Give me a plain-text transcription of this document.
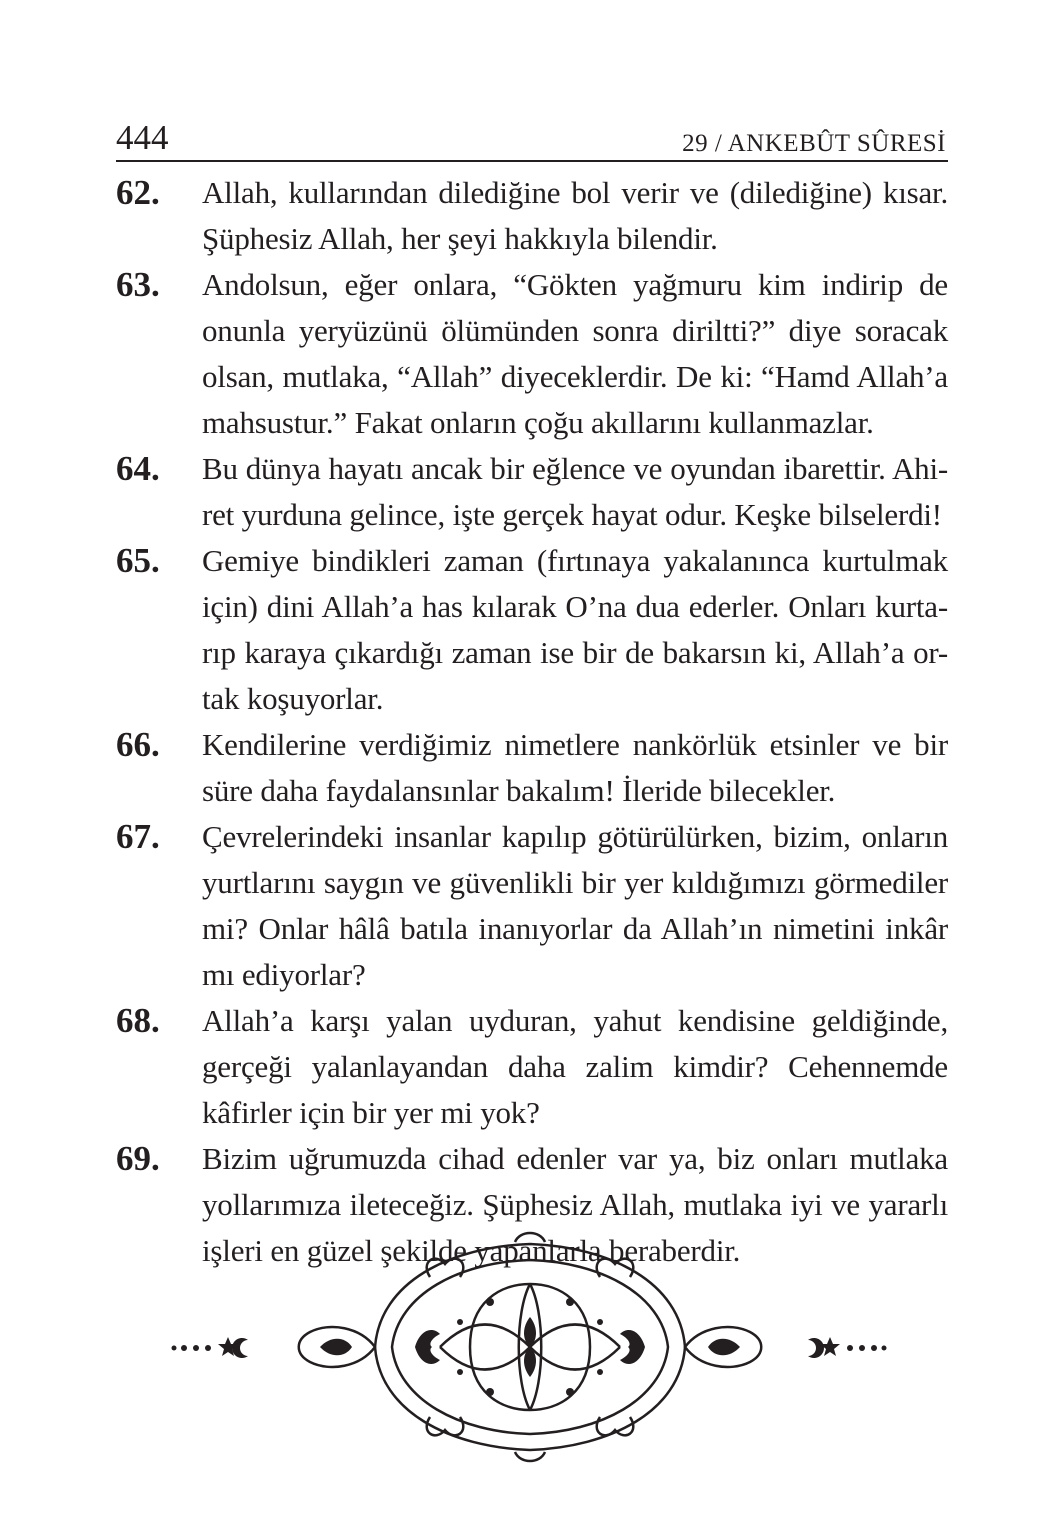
444	29 / ANKEBÛT SÛRESİ
62.	Allah, kullarından dilediğine bol verir ve (dilediğine) kısar.
Şüphesiz Allah, her şeyi hakkıyla bilendir.
63.	Andolsun, eğer onlara, “Gökten yağmuru kim indirip de
onunla yeryüzünü ölümünden sonra diriltti?” diye soracak
olsan, mutlaka, “Allah” diyeceklerdir. De ki: “Hamd Allah’a
mahsustur.” Fakat onların çoğu akıllarını kullanmazlar.
64.	Bu dünya hayatı ancak bir eğlence ve oyundan ibarettir. Ahi-
ret yurduna gelince, işte gerçek hayat odur. Keşke bilselerdi!
65.	Gemiye bindikleri zaman (fırtınaya yakalanınca kurtulmak
için) dini Allah’a has kılarak O’na dua ederler. Onları kurta-
rıp karaya çıkardığı zaman ise bir de bakarsın ki, Allah’a or-
tak koşuyorlar.
66.	Kendilerine verdiğimiz nimetlere nankörlük etsinler ve bir
süre daha faydalansınlar bakalım! İleride bilecekler.
67.	Çevrelerindeki insanlar kapılıp götürülürken, bizim, onların
yurtlarını saygın ve güvenlikli bir yer kıldığımızı görmediler
mi? Onlar hâlâ batıla inanıyorlar da Allah’ın nimetini inkâr
mı ediyorlar?
68.	Allah’a karşı yalan uyduran, yahut kendisine geldiğinde,
gerçeği yalanlayandan daha zalim kimdir? Cehennemde
kâfirler için bir yer mi yok?
69.	Bizim uğrumuzda cihad edenler var ya, biz onları mutlaka
yollarımıza ileteceğiz. Şüphesiz Allah, mutlaka iyi ve yararlı
işleri en güzel şekilde yapanlarla beraberdir.
